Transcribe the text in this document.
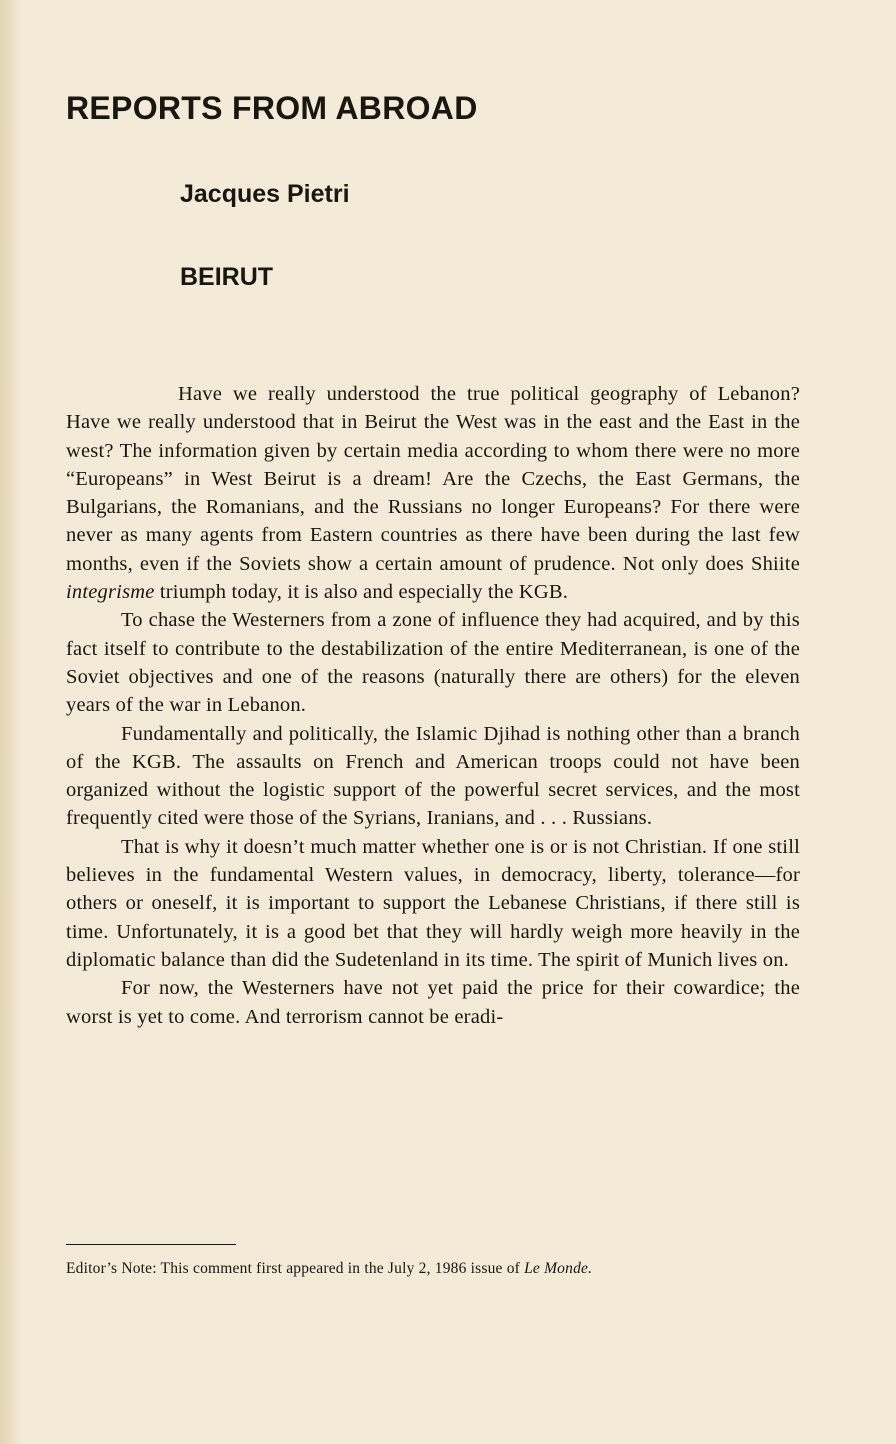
REPORTS FROM ABROAD
Jacques Pietri
BEIRUT

Have we really understood the true political geography of Lebanon? Have we really understood that in Beirut the West was in the east and the East in the west? The information given by certain media according to whom there were no more “Europeans” in West Beirut is a dream! Are the Czechs, the East Germans, the Bulgarians, the Romanians, and the Russians no longer Europeans? For there were never as many agents from Eastern countries as there have been during the last few months, even if the Soviets show a certain amount of prudence. Not only does Shiite integrisme triumph today, it is also and especially the KGB.

To chase the Westerners from a zone of influence they had acquired, and by this fact itself to contribute to the destabilization of the entire Mediterranean, is one of the Soviet objectives and one of the reasons (naturally there are others) for the eleven years of the war in Lebanon.

Fundamentally and politically, the Islamic Djihad is nothing other than a branch of the KGB. The assaults on French and American troops could not have been organized without the logistic support of the powerful secret services, and the most frequently cited were those of the Syrians, Iranians, and . . . Russians.

That is why it doesn’t much matter whether one is or is not Christian. If one still believes in the fundamental Western values, in democracy, liberty, tolerance—for others or oneself, it is important to support the Lebanese Christians, if there still is time. Unfortunately, it is a good bet that they will hardly weigh more heavily in the diplomatic balance than did the Sudetenland in its time. The spirit of Munich lives on.

For now, the Westerners have not yet paid the price for their cowardice; the worst is yet to come. And terrorism cannot be eradi-

Editor’s Note: This comment first appeared in the July 2, 1986 issue of Le Monde.
